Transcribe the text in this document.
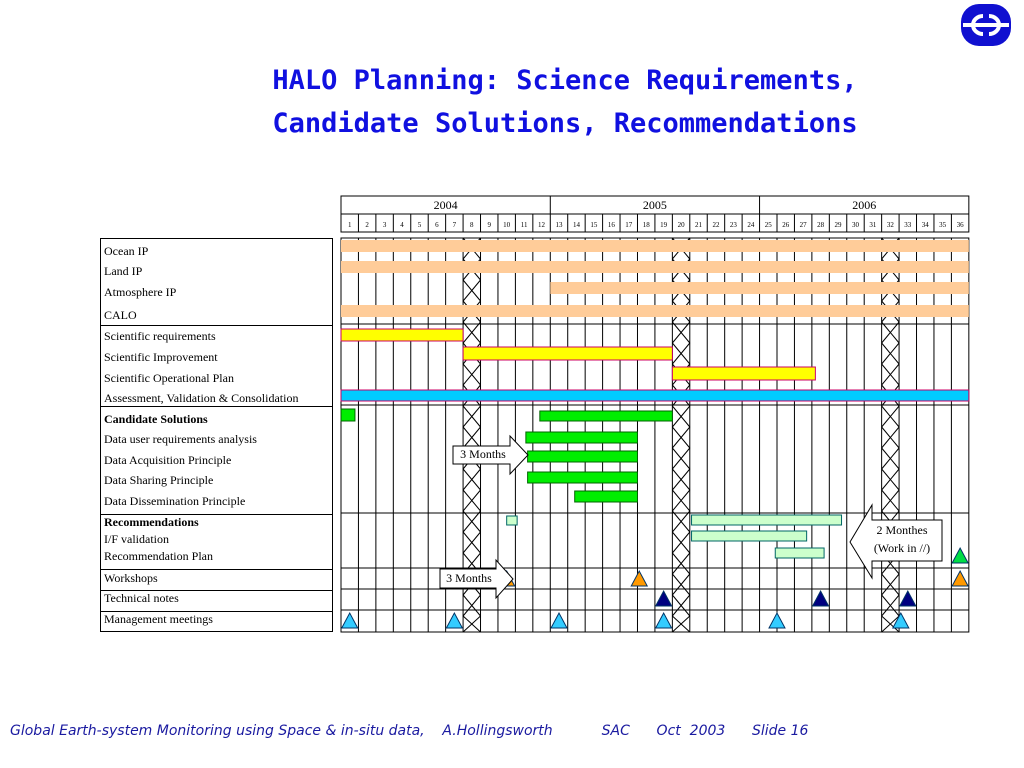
HALO Planning: Science Requirements,
Candidate Solutions, Recommendations
Ocean IP
Land IP
Atmosphere IP
CALO
Scientific requirements
Scientific Improvement
Scientific Operational Plan
Assessment, Validation & Consolidation
Candidate Solutions
Data user requirements analysis
Data Acquisition Principle
Data Sharing Principle
Data Dissemination Principle
Recommendations
I/F validation
Recommendation Plan
Workshops
Technical notes
Management meetings
2004	2005	2006
1 2 3 4 5 6 7 8 9 10 11 12 13 14 15 16 17 18 19 20 21 22 23 24 25 26 27 28 29 30 31 32 33 34 35 36
3 Months
3 Months
2 Monthes
(Work in //)
Global Earth-system Monitoring using Space & in-situ data,    A.Hollingsworth           SAC      Oct  2003      Slide 16
